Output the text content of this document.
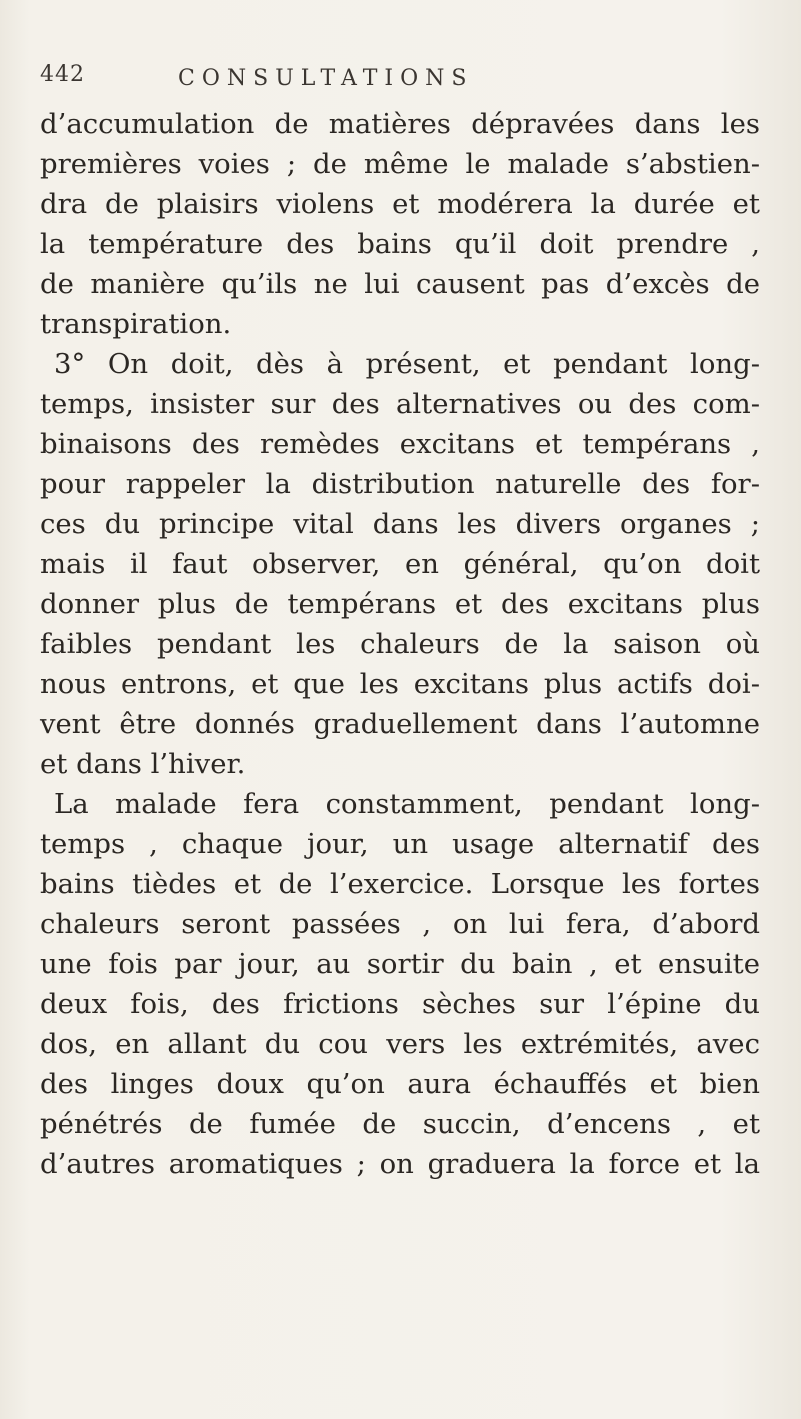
442	CONSULTATIONS
d’accumulation de matières dépravées dans les
premières voies ; de même le malade s’abstien-
dra de plaisirs violens et modérera la durée et
la température des bains qu’il doit prendre ,
de manière qu’ils ne lui causent pas d’excès de
transpiration.
3° On doit, dès à présent, et pendant long-
temps, insister sur des alternatives ou des com-
binaisons des remèdes excitans et tempérans ,
pour rappeler la distribution naturelle des for-
ces du principe vital dans les divers organes ;
mais il faut observer, en général, qu’on doit
donner plus de tempérans et des excitans plus
faibles pendant les chaleurs de la saison où
nous entrons, et que les excitans plus actifs doi-
vent être donnés graduellement dans l’automne
et dans l’hiver.
La malade fera constamment, pendant long-
temps , chaque jour, un usage alternatif des
bains tièdes et de l’exercice. Lorsque les fortes
chaleurs seront passées , on lui fera, d’abord
une fois par jour, au sortir du bain , et ensuite
deux fois, des frictions sèches sur l’épine du
dos, en allant du cou vers les extrémités, avec
des linges doux qu’on aura échauffés et bien
pénétrés de fumée de succin, d’encens , et
d’autres aromatiques ; on graduera la force et la
